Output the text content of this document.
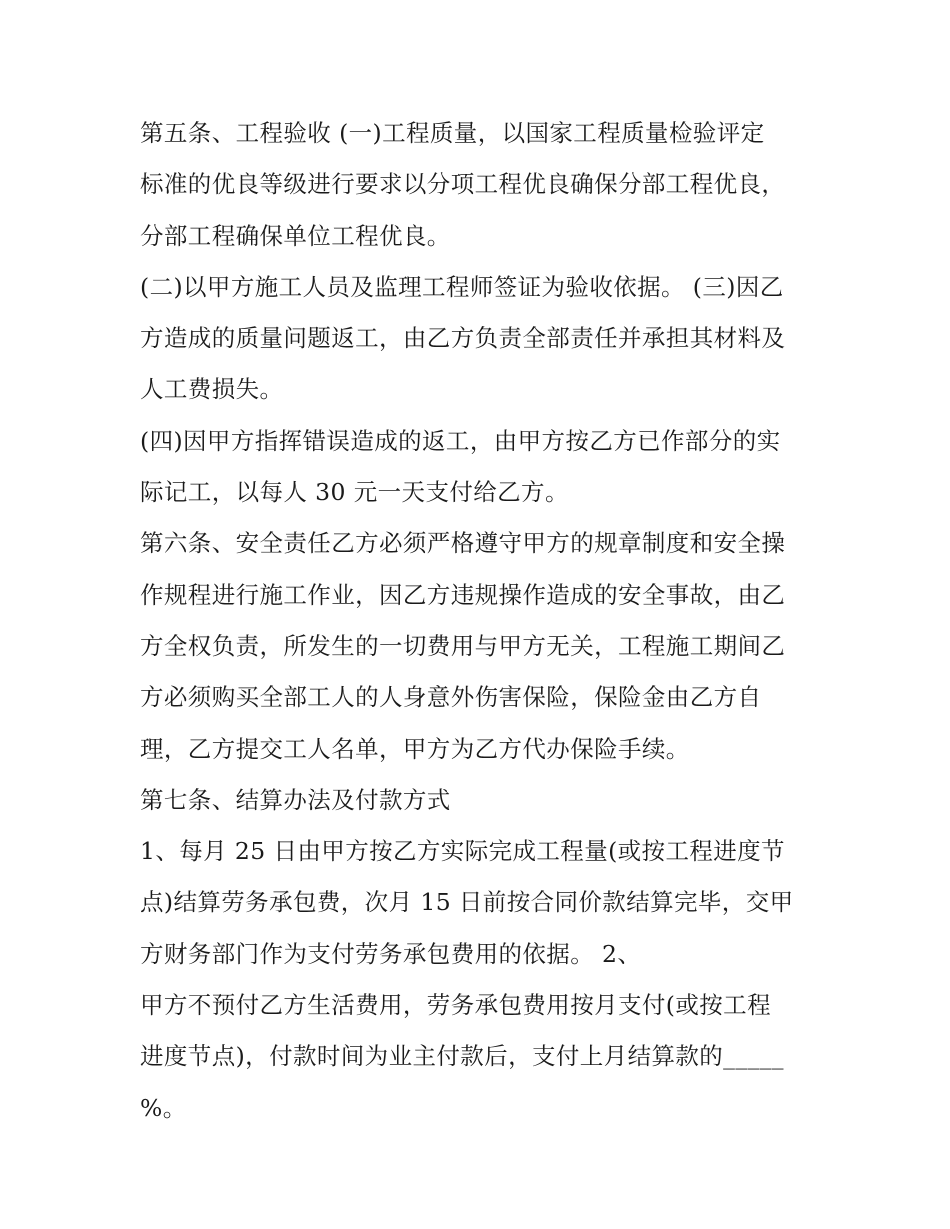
第五条、工程验收 (一)工程质量，以国家工程质量检验评定
标准的优良等级进行要求以分项工程优良确保分部工程优良，
分部工程确保单位工程优良。
(二)以甲方施工人员及监理工程师签证为验收依据。 (三)因乙
方造成的质量问题返工，由乙方负责全部责任并承担其材料及
人工费损失。
(四)因甲方指挥错误造成的返工，由甲方按乙方已作部分的实
际记工，以每人 30 元一天支付给乙方。
第六条、安全责任乙方必须严格遵守甲方的规章制度和安全操
作规程进行施工作业，因乙方违规操作造成的安全事故，由乙
方全权负责，所发生的一切费用与甲方无关，工程施工期间乙
方必须购买全部工人的人身意外伤害保险，保险金由乙方自
理，乙方提交工人名单，甲方为乙方代办保险手续。
第七条、结算办法及付款方式
1、每月 25 日由甲方按乙方实际完成工程量(或按工程进度节
点)结算劳务承包费，次月 15 日前按合同价款结算完毕，交甲
方财务部门作为支付劳务承包费用的依据。 2、
甲方不预付乙方生活费用，劳务承包费用按月支付(或按工程
进度节点)，付款时间为业主付款后，支付上月结算款的_____
%。
